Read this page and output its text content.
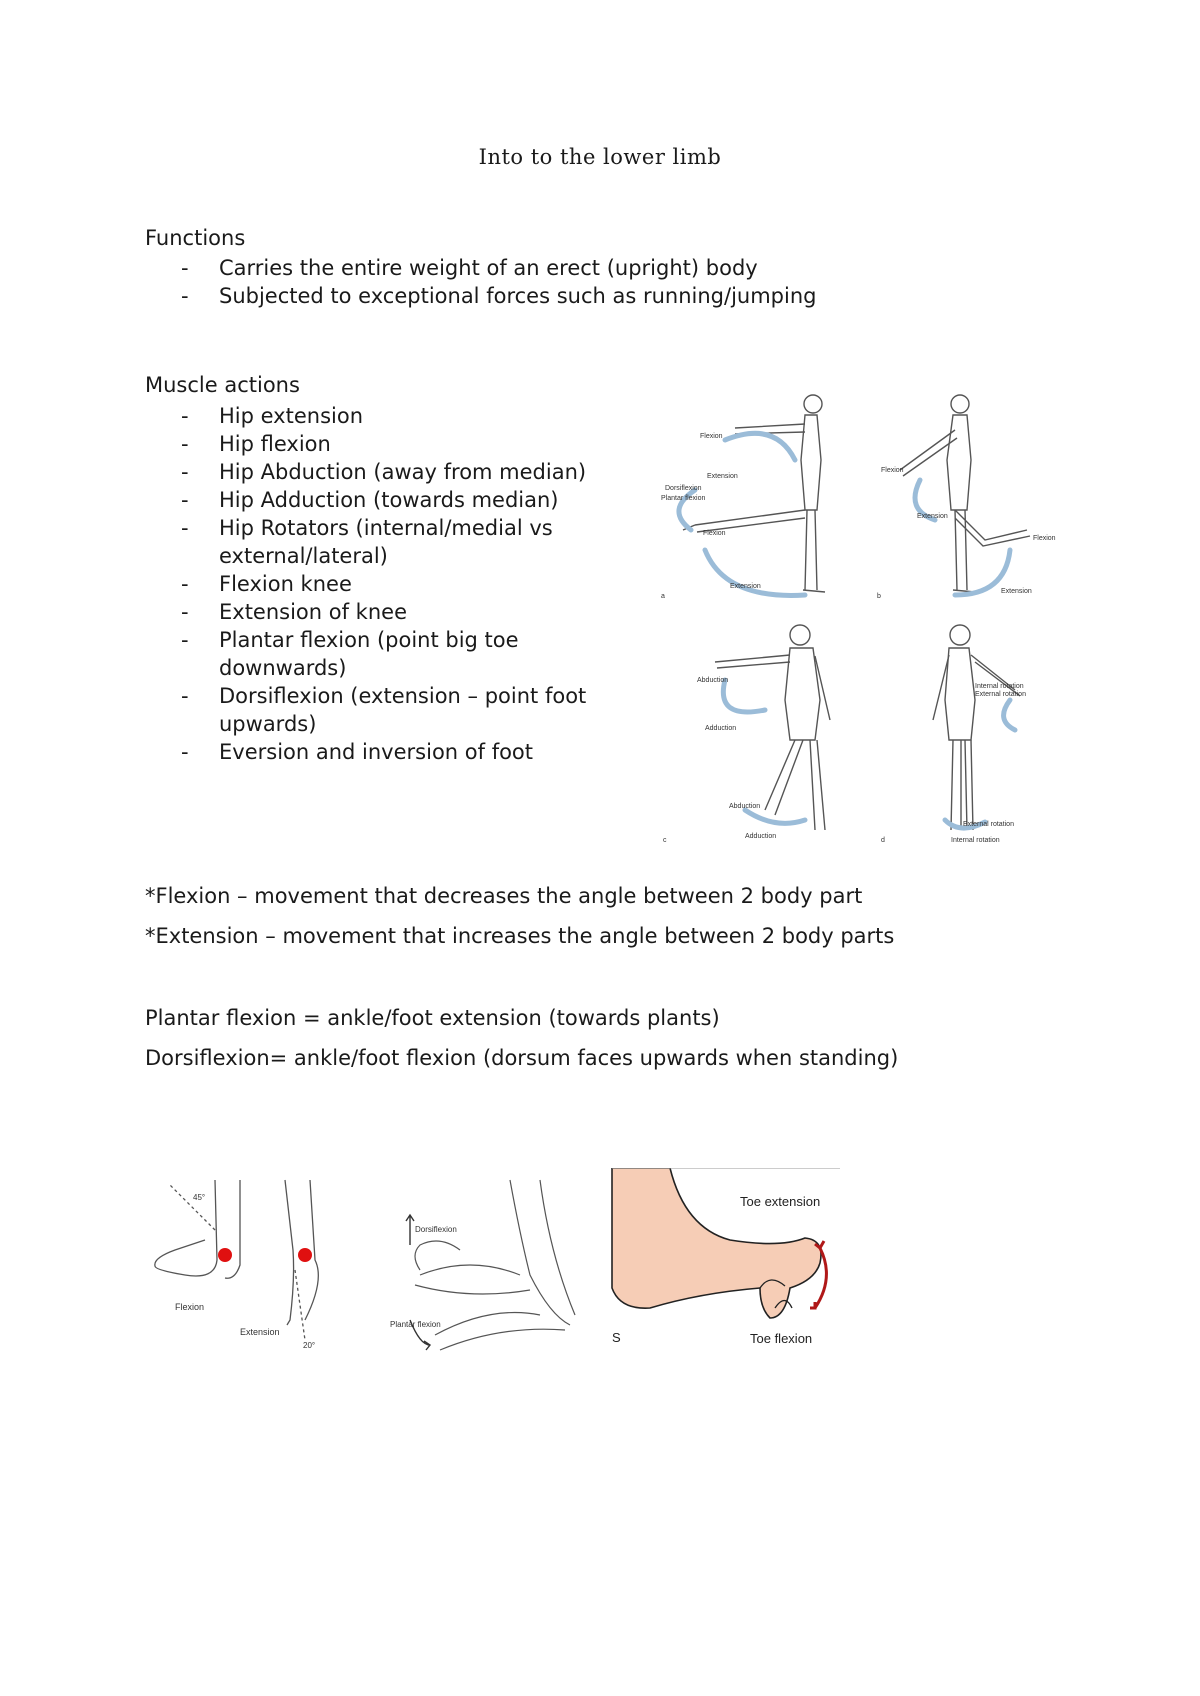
Into to the lower limb
Functions
- Carries the entire weight of an erect (upright) body
- Subjected to exceptional forces such as running/jumping
Muscle actions
- Hip extension
- Hip flexion
- Hip Abduction (away from median)
- Hip Adduction (towards median)
- Hip Rotators (internal/medial vs external/lateral)
- Flexion knee
- Extension of knee
- Plantar flexion (point big toe downwards)
- Dorsiflexion (extension – point foot upwards)
- Eversion and inversion of foot
Flexion
Extension
Dorsiflexion
Plantar flexion
Flexion
Extension
Flexion
Extension
Flexion
Extension
Abduction
Adduction
Abduction
Adduction
Internal rotation
External rotation
External rotation
Internal rotation
a	b
c	d
*Flexion – movement that decreases the angle between 2 body part
*Extension – movement that increases the angle between 2 body parts
Plantar flexion = ankle/foot extension (towards plants)
Dorsiflexion= ankle/foot flexion (dorsum faces upwards when standing)
Flexion
Extension
45°
20°
Dorsiflexion
Plantar flexion
Toe extension
Toe flexion
S
